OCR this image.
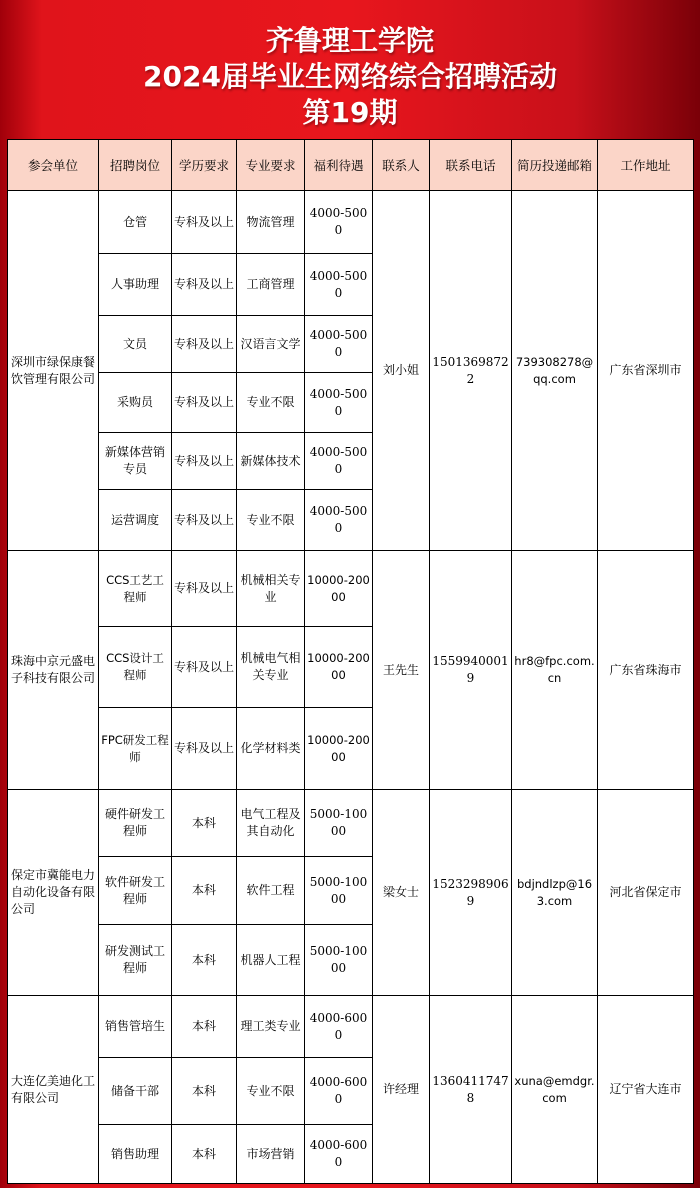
齐鲁理工学院
2024届毕业生网络综合招聘活动
第19期
参会单位	招聘岗位	学历要求	专业要求	福利待遇	联系人	联系电话	简历投递邮箱	工作地址
深圳市绿保康餐饮管理有限公司	仓管	专科及以上	物流管理	4000-5000	刘小姐	15013698722	739308278@qq.com	广东省深圳市
	人事助理	专科及以上	工商管理	4000-5000				
	文员	专科及以上	汉语言文学	4000-5000				
	采购员	专科及以上	专业不限	4000-5000				
	新媒体营销专员	专科及以上	新媒体技术	4000-5000				
	运营调度	专科及以上	专业不限	4000-5000				
珠海中京元盛电子科技有限公司	CCS工艺工程师	专科及以上	机械相关专业	10000-20000	王先生	15599400019	hr8@fpc.com.cn	广东省珠海市
	CCS设计工程师	专科及以上	机械电气相关专业	10000-20000				
	FPC研发工程师	专科及以上	化学材料类	10000-20000				
保定市冀能电力自动化设备有限公司	硬件研发工程师	本科	电气工程及其自动化	5000-10000	梁女士	15232989069	bdjndlzp@163.com	河北省保定市
	软件研发工程师	本科	软件工程	5000-10000				
	研发测试工程师	本科	机器人工程	5000-10000				
大连亿美迪化工有限公司	销售管培生	本科	理工类专业	4000-6000	许经理	13604117478	xuna@emdgr.com	辽宁省大连市
	储备干部	本科	专业不限	4000-6000				
	销售助理	本科	市场营销	4000-6000				
